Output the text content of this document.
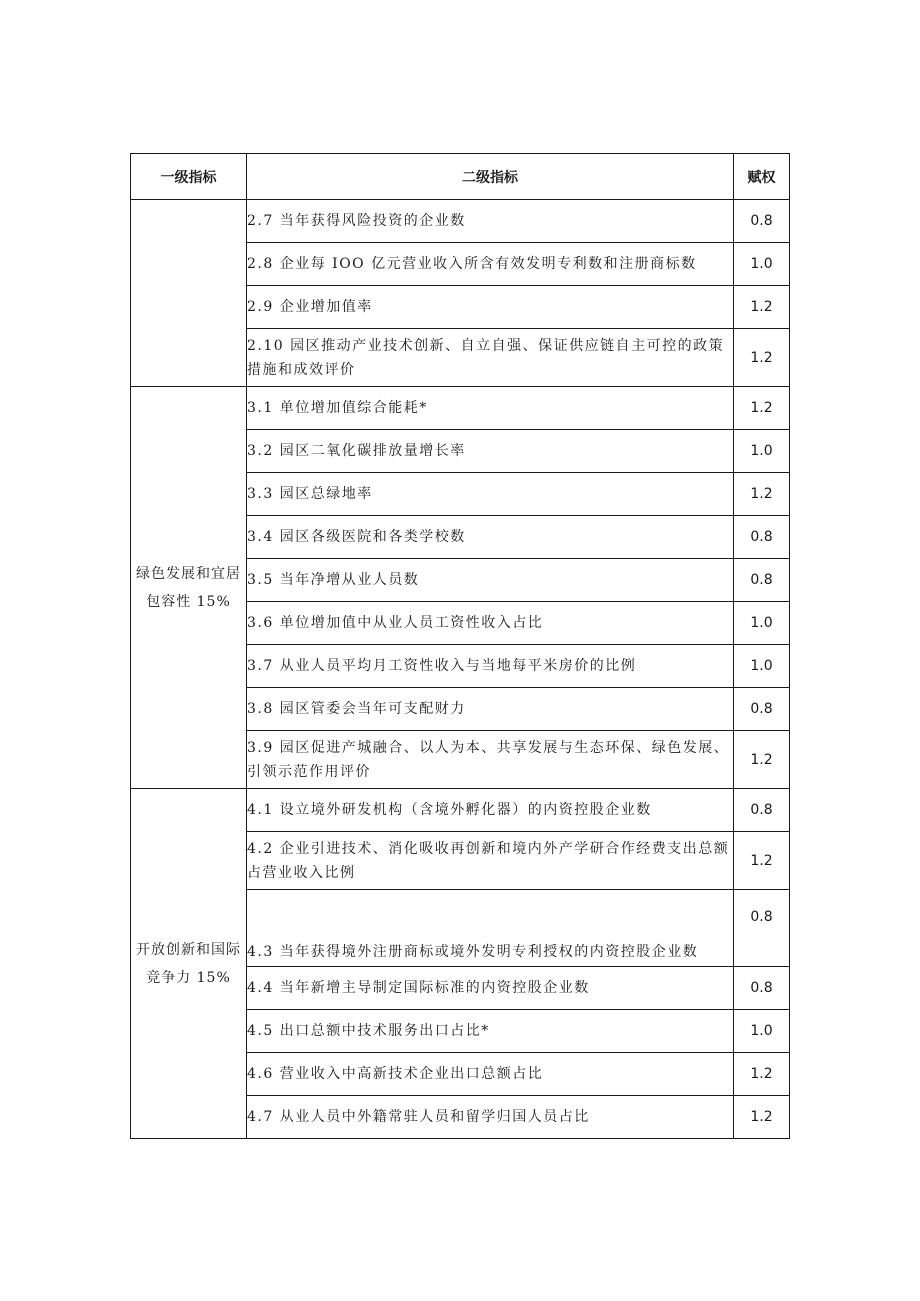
一级指标	二级指标	赋权
	2.7 当年获得风险投资的企业数	0.8
	2.8 企业每 IOO 亿元营业收入所含有效发明专利数和注册商标数	1.0
	2.9 企业增加值率	1.2
	2.10 园区推动产业技术创新、自立自强、保证供应链自主可控的政策措施和成效评价	1.2
绿色发展和宜居包容性 15%	3.1 单位增加值综合能耗*	1.2
	3.2 园区二氧化碳排放量增长率	1.0
	3.3 园区总绿地率	1.2
	3.4 园区各级医院和各类学校数	0.8
	3.5 当年净增从业人员数	0.8
	3.6 单位增加值中从业人员工资性收入占比	1.0
	3.7 从业人员平均月工资性收入与当地每平米房价的比例	1.0
	3.8 园区管委会当年可支配财力	0.8
	3.9 园区促进产城融合、以人为本、共享发展与生态环保、绿色发展、引领示范作用评价	1.2
开放创新和国际竞争力 15%	4.1 设立境外研发机构（含境外孵化器）的内资控股企业数	0.8
	4.2 企业引进技术、消化吸收再创新和境内外产学研合作经费支出总额占营业收入比例	1.2
	4.3 当年获得境外注册商标或境外发明专利授权的内资控股企业数	0.8
	4.4 当年新增主导制定国际标准的内资控股企业数	0.8
	4.5 出口总额中技术服务出口占比*	1.0
	4.6 营业收入中高新技术企业出口总额占比	1.2
	4.7 从业人员中外籍常驻人员和留学归国人员占比	1.2
